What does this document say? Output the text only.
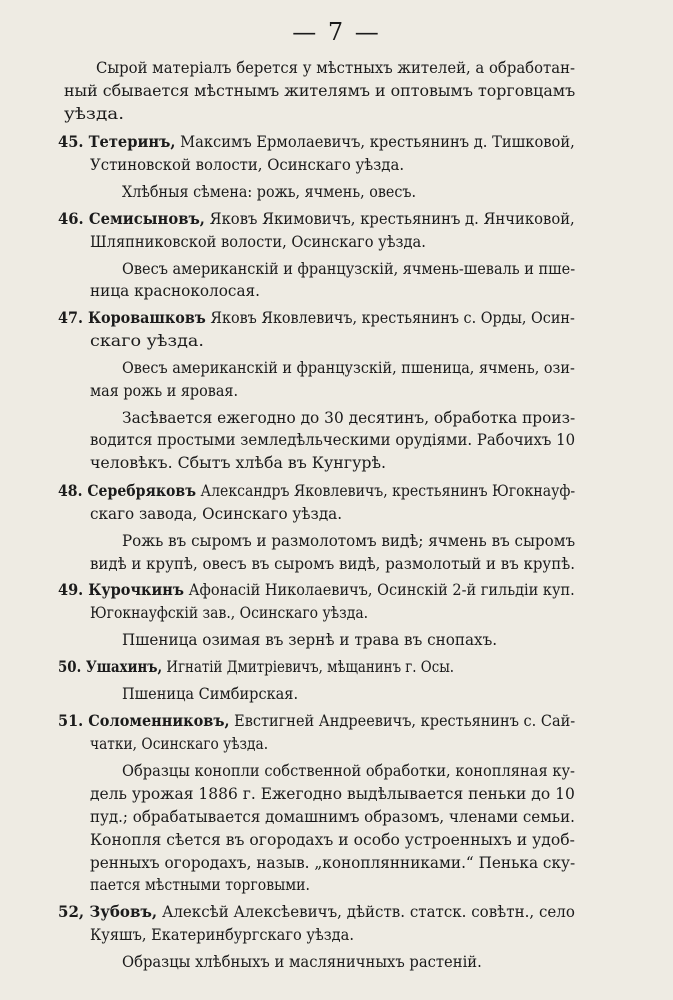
— 7 —
Сырой матеріалъ берется у мѣстныхъ жителей, а обработан-
ный сбывается мѣстнымъ жителямъ и оптовымъ торговцамъ
уѣзда.
45. Тетеринъ, Максимъ Ермолаевичъ, крестьянинъ д. Тишковой,
Устиновской волости, Осинскаго уѣзда.
Хлѣбныя сѣмена: рожь, ячмень, овесъ.
46. Семисыновъ, Яковъ Якимовичъ, крестьянинъ д. Янчиковой,
Шляпниковской волости, Осинскаго уѣзда.
Овесъ американскій и французскій, ячмень-шеваль и пше-
ница красноколосая.
47. Коровашковъ Яковъ Яковлевичъ, крестьянинъ с. Орды, Осин-
скаго уѣзда.
Овесъ американскій и французскій, пшеница, ячмень, ози-
мая рожь и яровая.
Засѣвается ежегодно до 30 десятинъ, обработка произ-
водится простыми земледѣльческими орудіями. Рабочихъ 10
человѣкъ. Сбытъ хлѣба въ Кунгурѣ.
48. Серебряковъ Александръ Яковлевичъ, крестьянинъ Югокнауф-
скаго завода, Осинскаго уѣзда.
Рожь въ сыромъ и размолотомъ видѣ; ячмень въ сыромъ
видѣ и крупѣ, овесъ въ сыромъ видѣ, размолотый и въ крупѣ.
49. Курочкинъ Афонасій Николаевичъ, Осинскій 2-й гильдіи куп.
Югокнауфскій зав., Осинскаго уѣзда.
Пшеница озимая въ зернѣ и трава въ снопахъ.
50. Ушахинъ, Игнатій Дмитріевичъ, мѣщанинъ г. Осы.
Пшеница Симбирская.
51. Соломенниковъ, Евстигней Андреевичъ, крестьянинъ с. Сай-
чатки, Осинскаго уѣзда.
Образцы конопли собственной обработки, конопляная ку-
дель урожая 1886 г. Ежегодно выдѣлывается пеньки до 10
пуд.; обрабатывается домашнимъ образомъ, членами семьи.
Конопля сѣется въ огородахъ и особо устроенныхъ и удоб-
ренныхъ огородахъ, назыв. „коноплянниками.“ Пенька ску-
пается мѣстными торговыми.
52, Зубовъ, Алексѣй Алексѣевичъ, дѣйств. статск. совѣтн., село
Куяшъ, Екатеринбургскаго уѣзда.
Образцы хлѣбныхъ и масляничныхъ растеній.
